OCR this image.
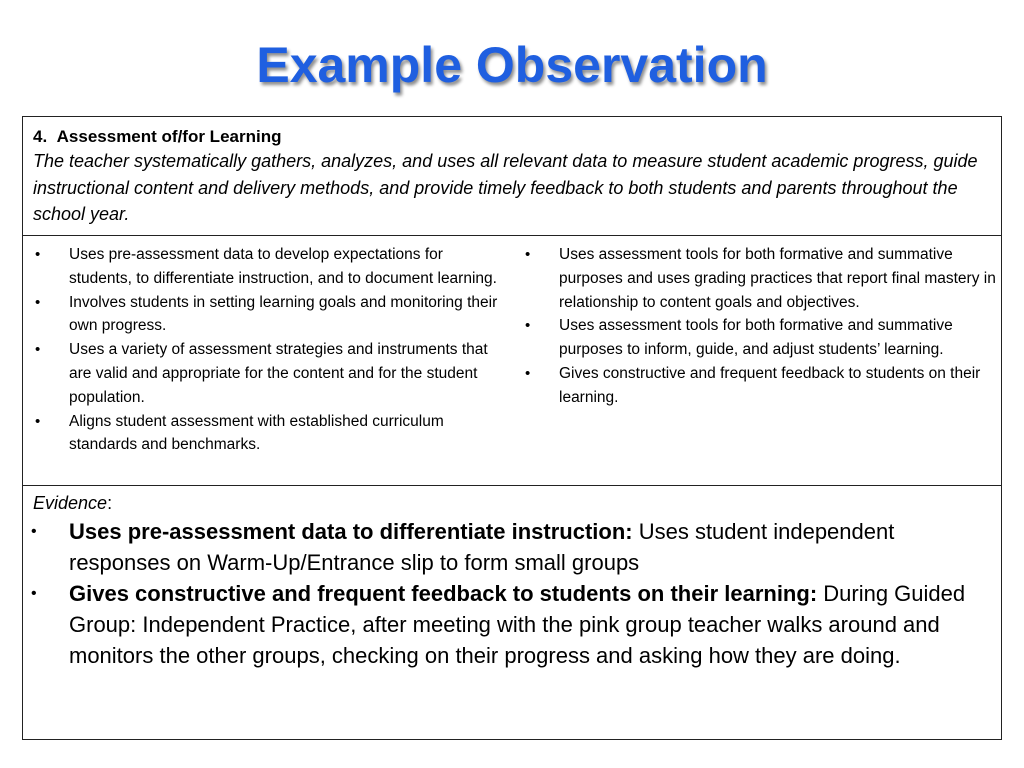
Example Observation
4. Assessment of/for Learning
The teacher systematically gathers, analyzes, and uses all relevant data to measure student academic progress, guide instructional content and delivery methods, and provide timely feedback to both students and parents throughout the school year.
• Uses pre-assessment data to develop expectations for students, to differentiate instruction, and to document learning.
• Involves students in setting learning goals and monitoring their own progress.
• Uses a variety of assessment strategies and instruments that are valid and appropriate for the content and for the student population.
• Aligns student assessment with established curriculum standards and benchmarks.
• Uses assessment tools for both formative and summative purposes and uses grading practices that report final mastery in relationship to content goals and objectives.
• Uses assessment tools for both formative and summative purposes to inform, guide, and adjust students’ learning.
• Gives constructive and frequent feedback to students on their learning.
Evidence:
• Uses pre-assessment data to differentiate instruction: Uses student independent responses on Warm-Up/Entrance slip to form small groups
• Gives constructive and frequent feedback to students on their learning: During Guided Group: Independent Practice, after meeting with the pink group teacher walks around and monitors the other groups, checking on their progress and asking how they are doing.
